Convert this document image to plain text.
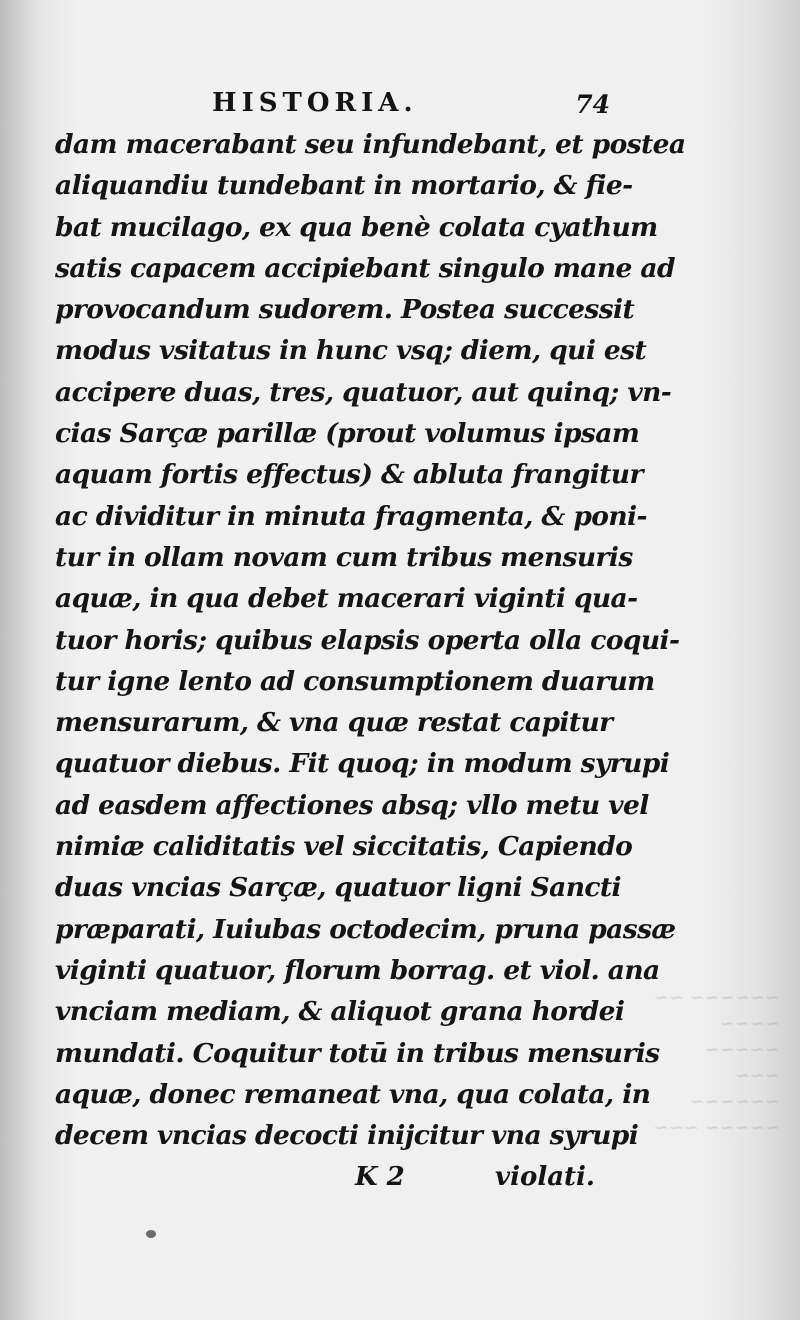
~~~~~~ ~~
~~~~ ~~~~~
~~~ ~~~~~~
~~~~~ ~~~
HISTORIA.	74
dam macerabant seu infundebant, et postea
aliquandiu tundebant in mortario, & fie-
bat mucilago, ex qua benè colata cyathum
satis capacem accipiebant singulo mane ad
provocandum sudorem. Postea successit
modus vsitatus in hunc vsq; diem, qui est
accipere duas, tres, quatuor, aut quinq; vn-
cias Sarçæ parillæ (prout volumus ipsam
aquam fortis effectus) & abluta frangitur
ac dividitur in minuta fragmenta, & poni-
tur in ollam novam cum tribus mensuris
aquæ, in qua debet macerari viginti qua-
tuor horis; quibus elapsis operta olla coqui-
tur igne lento ad consumptionem duarum
mensurarum, & vna quæ restat capitur
quatuor diebus. Fit quoq; in modum syrupi
ad easdem affectiones absq; vllo metu vel
nimiæ caliditatis vel siccitatis, Capiendo
duas vncias Sarçæ, quatuor ligni Sancti
præparati, Iuiubas octodecim, pruna passæ
viginti quatuor, florum borrag. et viol. ana
vnciam mediam, & aliquot grana hordei
mundati. Coquitur totū in tribus mensuris
aquæ, donec remaneat vna, qua colata, in
decem vncias decocti inijcitur vna syrupi
K 2	violati.
